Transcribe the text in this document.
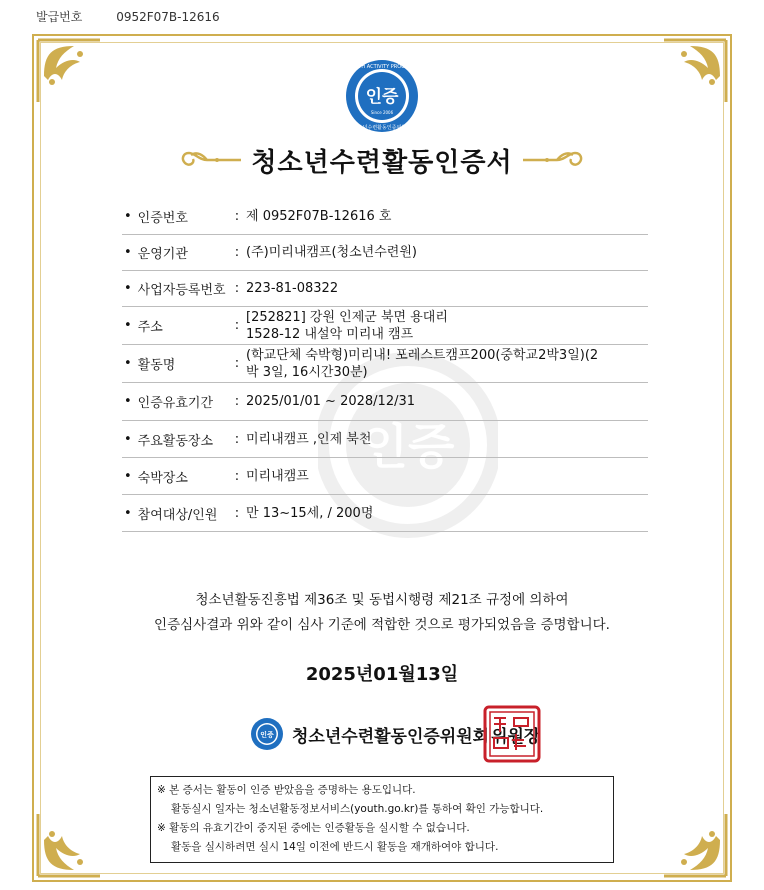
발급번호	0952F07B-12616
인증
인증
YOUTH ACTIVITY PROGRAM
청소년수련활동인증위원회
Since 2006
청소년수련활동인증서
• 인증번호	: 제 0952F07B-12616 호
• 운영기관	: (주)미리내캠프(청소년수련원)
• 사업자등록번호 : 223-81-08322
• 주소	:
[252821] 강원 인제군 북면 용대리
1528-12 내설악 미리내 캠프
• 활동명	:
(학교단체 숙박형)미리내! 포레스트캠프200(중학교2박3일)(2
박 3일, 16시간30분)
• 인증유효기간	: 2025/01/01 ~ 2028/12/31
• 주요활동장소	: 미리내캠프 ,인제 북천
• 숙박장소	: 미리내캠프
• 참여대상/인원	: 만 13~15세, / 200명
청소년활동진흥법 제36조 및 동법시행령 제21조 규정에 의하여
인증심사결과 위와 같이 심사 기준에 적합한 것으로 평가되었음을 증명합니다.
2025년01월13일
인증 청소년수련활동인증위원회 위원장
※ 본 증서는 활동이 인증 받았음을 증명하는 용도입니다.
활동실시 일자는 청소년활동정보서비스(youth.go.kr)를 통하여 확인 가능합니다.
※ 활동의 유효기간이 중지된 중에는 인증활동을 실시할 수 없습니다.
활동을 실시하려면 실시 14일 이전에 반드시 활동을 재개하여야 합니다.
